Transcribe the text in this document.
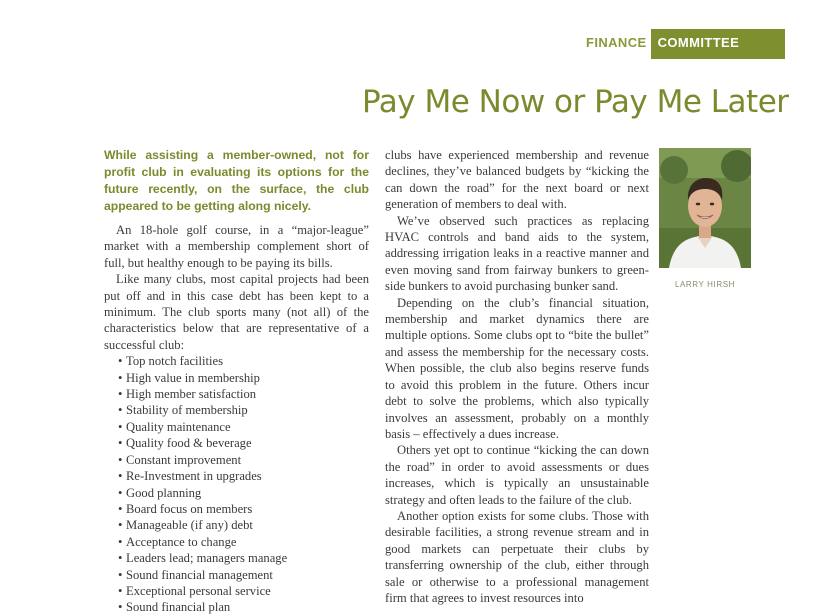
FINANCE COMMITTEE
Pay Me Now or Pay Me Later

While assisting a member-owned, not for profit club in evaluating its options for the future recently, on the surface, the club appeared to be getting along nicely.

An 18-hole golf course, in a “major-league” market with a membership complement short of full, but healthy enough to be paying its bills.

Like many clubs, most capital projects had been put off and in this case debt has been kept to a minimum. The club sports many (not all) of the characteristics below that are representative of a successful club:

• Top notch facilities
• High value in membership
• High member satisfaction
• Stability of membership
• Quality maintenance
• Quality food & beverage
• Constant improvement
• Re-Investment in upgrades
• Good planning
• Board focus on members
• Manageable (if any) debt
• Acceptance to change
• Leaders lead; managers manage
• Sound financial management
• Exceptional personal service
• Sound financial plan

clubs have experienced membership and revenue declines, they’ve balanced budgets by “kicking the can down the road” for the next board or next generation of members to deal with.

We’ve observed such practices as replacing HVAC controls and band aids to the system, addressing irrigation leaks in a reactive manner and even moving sand from fairway bunkers to green-side bunkers to avoid purchasing bunker sand.

Depending on the club’s financial situation, membership and market dynamics there are multiple options. Some clubs opt to “bite the bullet” and assess the membership for the necessary costs. When possible, the club also begins reserve funds to avoid this problem in the future. Others incur debt to solve the problems, which also typically involves an assessment, probably on a monthly basis – effectively a dues increase.

Others yet opt to continue “kicking the can down the road” in order to avoid assessments or dues increases, which is typically an unsustainable strategy and often leads to the failure of the club.

Another option exists for some clubs. Those with desirable facilities, a strong revenue stream and in good markets can perpetuate their clubs by transferring ownership of the club, either through sale or otherwise to a professional management firm that agrees to invest resources into

LARRY HIRSH
